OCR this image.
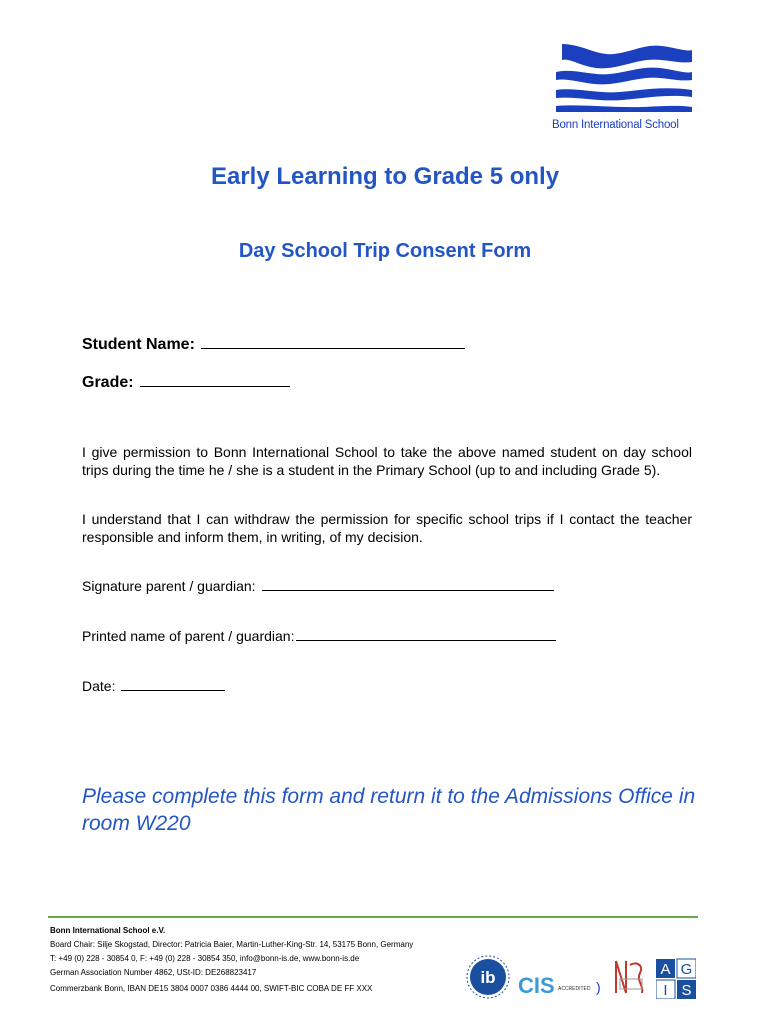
Bonn International School
Early Learning to Grade 5 only
Day School Trip Consent Form
Student Name:
Grade:
I give permission to Bonn International School to take the above named student on day school trips during the time he / she is a student in the Primary School (up to and including Grade 5).
I understand that I can withdraw the permission for specific school trips if I contact the teacher responsible and inform them, in writing, of my decision.
Signature parent / guardian:
Printed name of parent / guardian:
Date:
Please complete this form and return it to the Admissions Office in room W220
Bonn International School e.V.
Board Chair: Silje Skogstad, Director: Patricia Baier, Martin-Luther-King-Str. 14, 53175 Bonn, Germany
T: +49 (0) 228 - 30854 0, F: +49 (0) 228 - 30854 350, info@bonn-is.de, www.bonn-is.de
German Association Number 4862, USt-ID: DE268823417
Commerzbank Bonn, IBAN DE15 3804 0007 0386 4444 00, SWIFT-BIC COBA DE FF XXX
ib CIS ACCREDITED )
A G
I S
